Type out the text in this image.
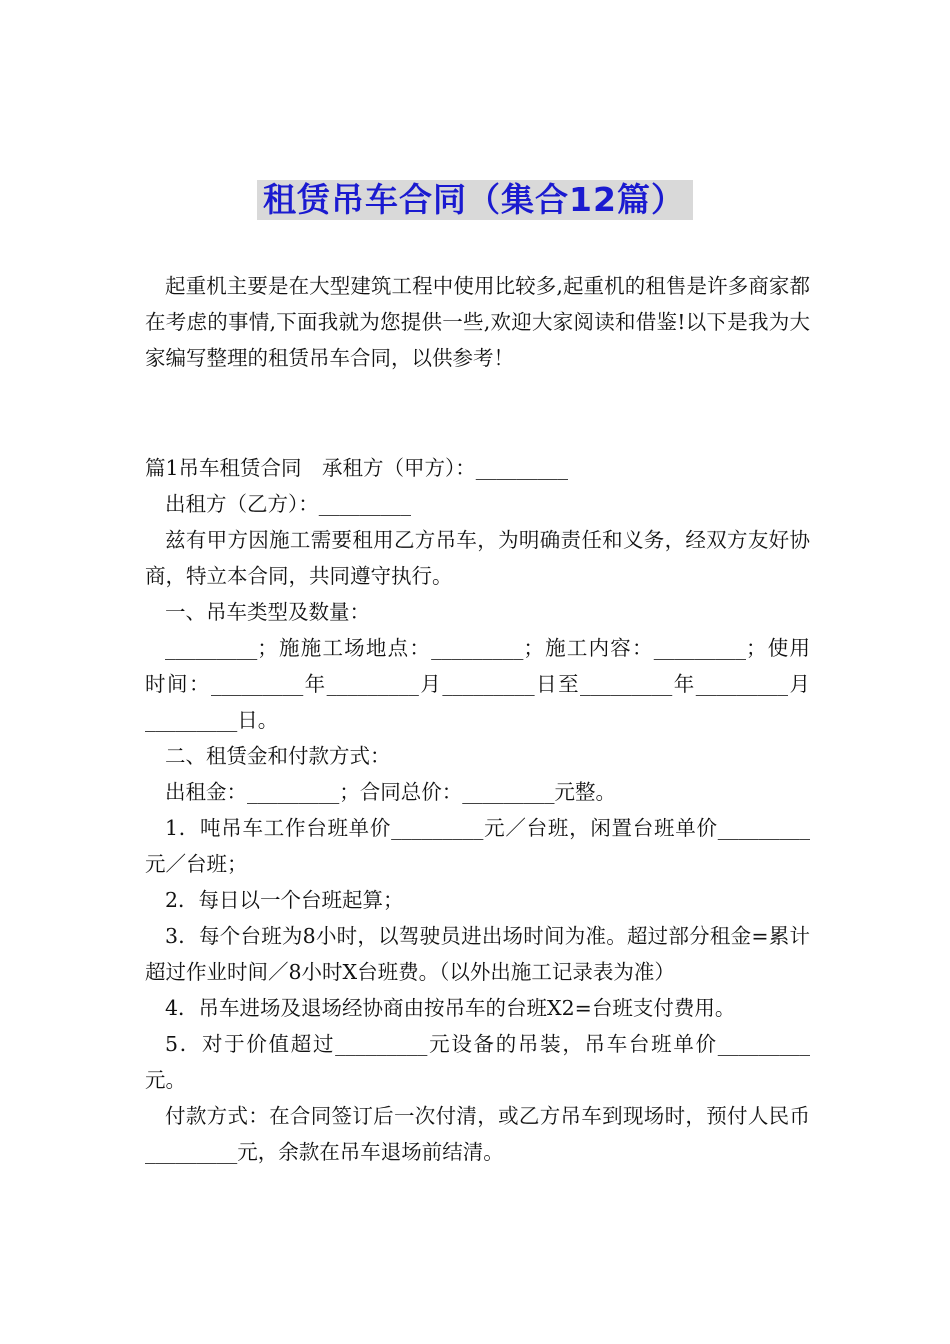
租赁吊车合同（集合12篇）

起重机主要是在大型建筑工程中使用比较多,起重机的租售是许多商家都在考虑的事情,下面我就为您提供一些,欢迎大家阅读和借鉴!以下是我为大家编写整理的租赁吊车合同，以供参考！

篇1吊车租赁合同　承租方（甲方）：_________

出租方（乙方）：_________

兹有甲方因施工需要租用乙方吊车，为明确责任和义务，经双方友好协商，特立本合同，共同遵守执行。

一、吊车类型及数量：

_________；施施工场地点：_________；施工内容：_________；使用时间：_________年_________月_________日至_________年_________月_________日。

二、租赁金和付款方式：

出租金：_________；合同总价：_________元整。

1．吨吊车工作台班单价_________元／台班，闲置台班单价_________元／台班；

2．每日以一个台班起算；

3．每个台班为8小时，以驾驶员进出场时间为准。超过部分租金=累计超过作业时间／8小时X台班费。（以外出施工记录表为准）

4．吊车进场及退场经协商由按吊车的台班X2=台班支付费用。

5．对于价值超过_________元设备的吊装，吊车台班单价_________元。

付款方式：在合同签订后一次付清，或乙方吊车到现场时，预付人民币_________元，余款在吊车退场前结清。
